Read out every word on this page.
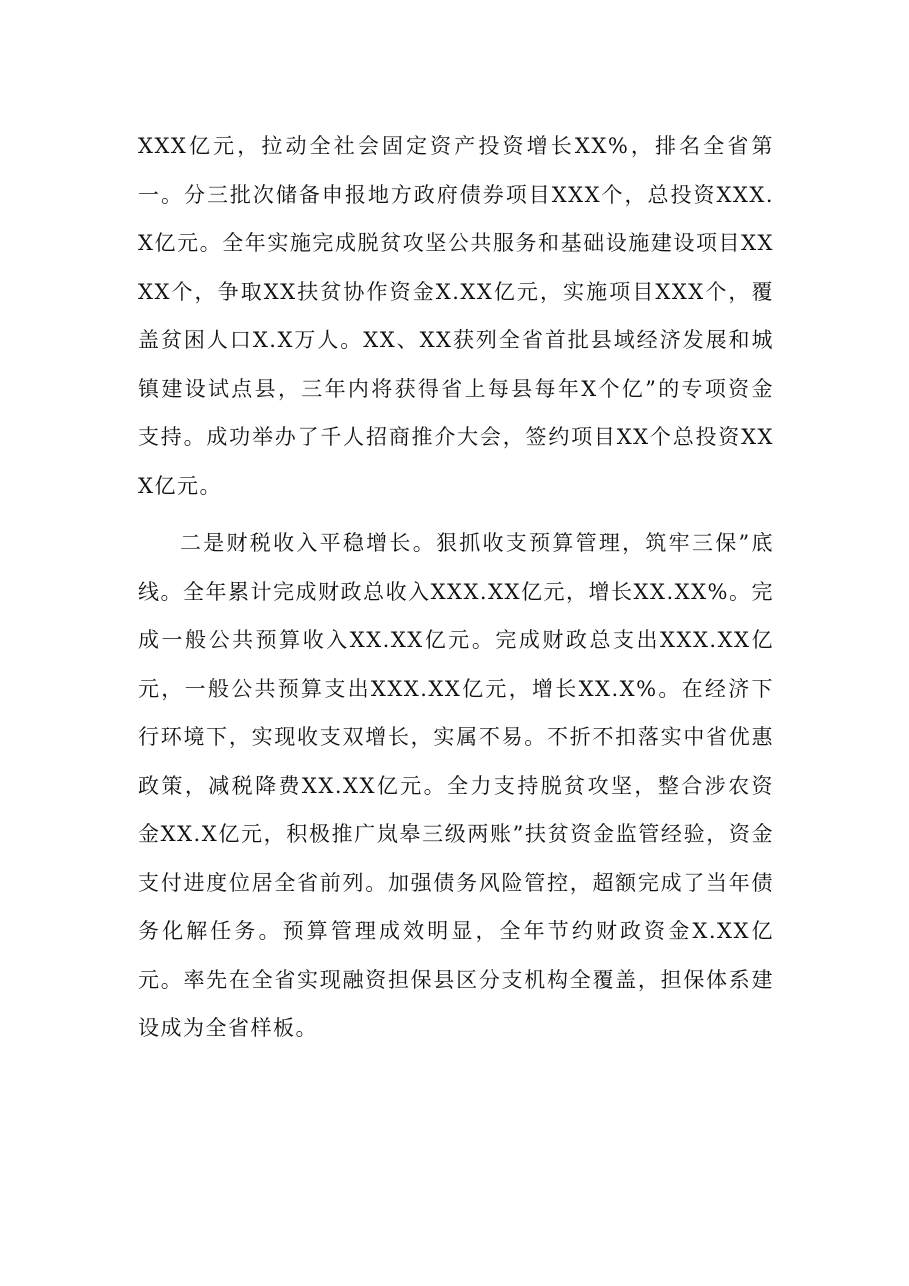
XXX亿元，拉动全社会固定资产投资增长XX%，排名全省第一。分三批次储备申报地方政府债券项目XXX个，总投资XXX.X亿元。全年实施完成脱贫攻坚公共服务和基础设施建设项目XXXX个，争取XX扶贫协作资金X.XX亿元，实施项目XXX个，覆盖贫困人口X.X万人。XX、XX获列全省首批县域经济发展和城镇建设试点县，三年内将获得省上每县每年X个亿”的专项资金支持。成功举办了千人招商推介大会，签约项目XX个总投资XXX亿元。

二是财税收入平稳增长。狠抓收支预算管理，筑牢三保”底线。全年累计完成财政总收入XXX.XX亿元，增长XX.XX%。完成一般公共预算收入XX.XX亿元。完成财政总支出XXX.XX亿元，一般公共预算支出XXX.XX亿元，增长XX.X%。在经济下行环境下，实现收支双增长，实属不易。不折不扣落实中省优惠政策，减税降费XX.XX亿元。全力支持脱贫攻坚，整合涉农资金XX.X亿元，积极推广岚皋三级两账”扶贫资金监管经验，资金支付进度位居全省前列。加强债务风险管控，超额完成了当年债务化解任务。预算管理成效明显，全年节约财政资金X.XX亿元。率先在全省实现融资担保县区分支机构全覆盖，担保体系建设成为全省样板。
